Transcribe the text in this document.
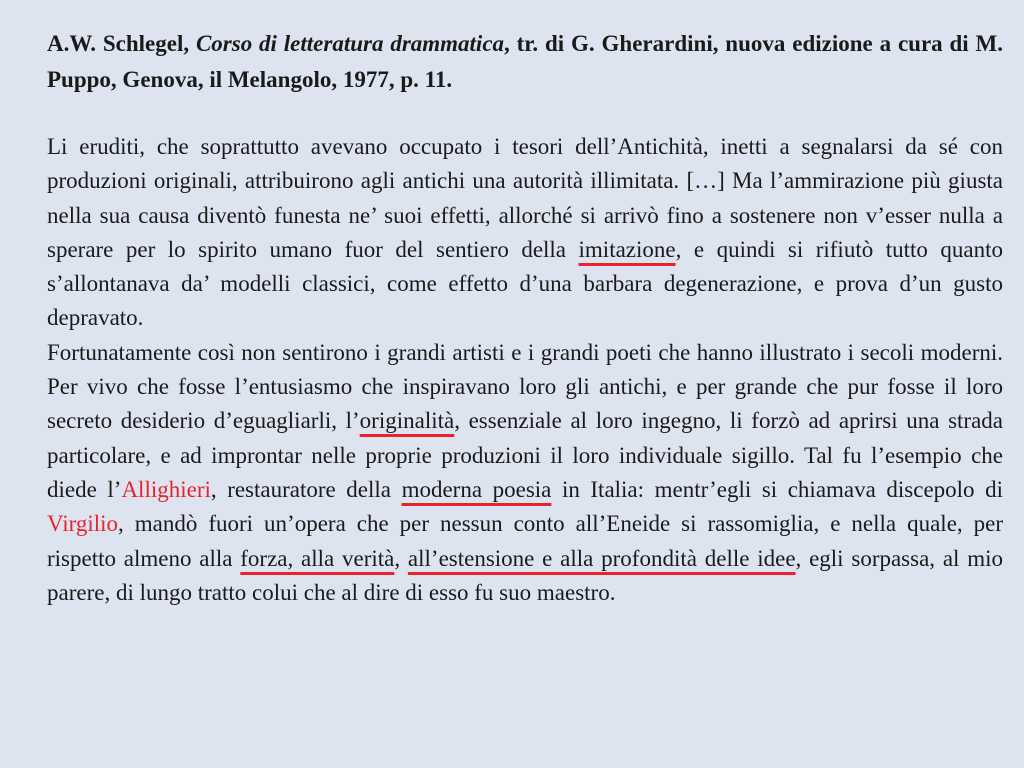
A.W. Schlegel, Corso di letteratura drammatica, tr. di G. Gherardini, nuova edizione a cura di M. Puppo, Genova, il Melangolo, 1977, p. 11.

Li eruditi, che soprattutto avevano occupato i tesori dell’Antichità, inetti a segnalarsi da sé con produzioni originali, attribuirono agli antichi una autorità illimitata. […] Ma l’ammirazione più giusta nella sua causa diventò funesta ne’ suoi effetti, allorché si arrivò fino a sostenere non v’esser nulla a sperare per lo spirito umano fuor del sentiero della imitazione, e quindi si rifiutò tutto quanto s’allontanava da’ modelli classici, come effetto d’una barbara degenerazione, e prova d’un gusto depravato.

Fortunatamente così non sentirono i grandi artisti e i grandi poeti che hanno illustrato i secoli moderni. Per vivo che fosse l’entusiasmo che inspiravano loro gli antichi, e per grande che pur fosse il loro secreto desiderio d’eguagliarli, l’originalità, essenziale al loro ingegno, li forzò ad aprirsi una strada particolare, e ad improntar nelle proprie produzioni il loro individuale sigillo. Tal fu l’esempio che diede l’Allighieri, restauratore della moderna poesia in Italia: mentr’egli si chiamava discepolo di Virgilio, mandò fuori un’opera che per nessun conto all’Eneide si rassomiglia, e nella quale, per rispetto almeno alla forza, alla verità, all’estensione e alla profondità delle idee, egli sorpassa, al mio parere, di lungo tratto colui che al dire di esso fu suo maestro.
